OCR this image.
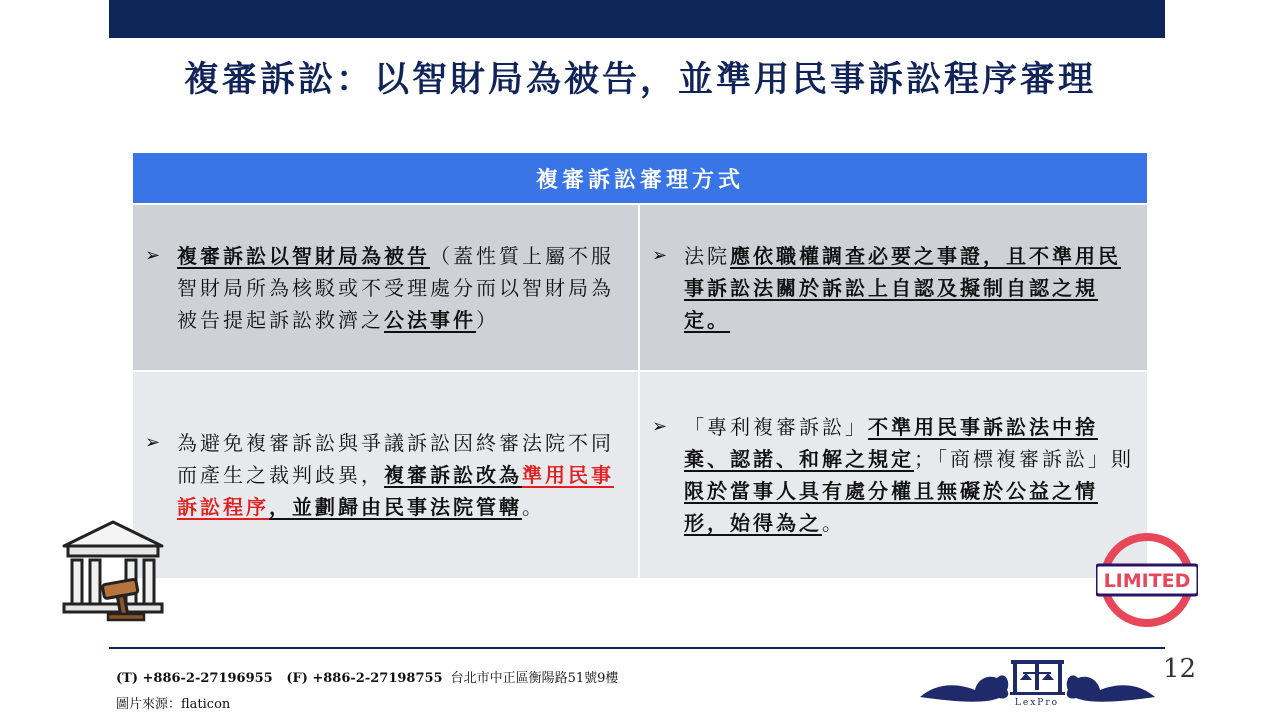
複審訴訟：以智財局為被告，並準用民事訴訟程序審理
複審訴訟審理方式
➢ 複審訴訟以智財局為被告（蓋性質上屬不服智財局所為核駁或不受理處分而以智財局為被告提起訴訟救濟之公法事件）
➢ 法院應依職權調查必要之事證，且不準用民事訴訟法關於訴訟上自認及擬制自認之規定。
➢ 為避免複審訴訟與爭議訴訟因終審法院不同而產生之裁判歧異，複審訴訟改為準用民事訴訟程序，並劃歸由民事法院管轄。
➢ 「專利複審訴訟」不準用民事訴訟法中捨棄、認諾、和解之規定；「商標複審訴訟」則限於當事人具有處分權且無礙於公益之情形，始得為之。
LIMITED
(T) +886-2-27196955 (F) +886-2-27198755 台北市中正區衡陽路51號9樓
圖片來源：flaticon	LexPro
12
